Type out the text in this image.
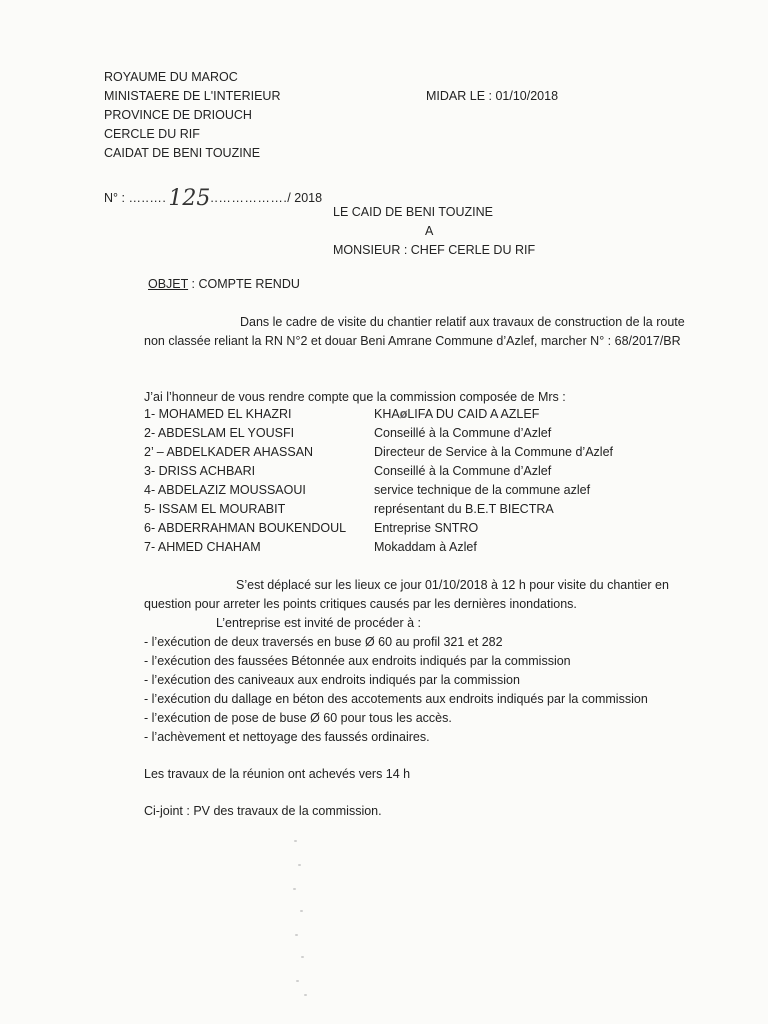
ROYAUME DU MAROC
MINISTAERE DE L'INTERIEUR
PROVINCE DE DRIOUCH
CERCLE DU RIF
CAIDAT DE BENI TOUZINE
MIDAR LE : 01/10/2018
N° : …..….125..……………./ 2018
LE CAID DE BENI TOUZINE
A
MONSIEUR : CHEF CERLE DU RIF
OBJET : COMPTE RENDU
Dans le cadre de visite du chantier relatif aux travaux de construction de la route non classée reliant la RN N°2 et douar Beni Amrane Commune d’Azlef, marcher N° : 68/2017/BR
J’ai l’honneur de vous rendre compte que la commission composée de Mrs :
1- MOHAMED EL KHAZRI	KHAøLIFA DU CAID A AZLEF
2- ABDESLAM EL YOUSFI	Conseillé à la Commune d’Azlef
2’ – ABDELKADER AHASSAN	Directeur de Service à la Commune d’Azlef
3- DRISS ACHBARI	Conseillé à la Commune d’Azlef
4- ABDELAZIZ MOUSSAOUI	service technique de la commune azlef
5- ISSAM EL MOURABIT	représentant du B.E.T BIECTRA
6- ABDERRAHMAN BOUKENDOUL Entreprise SNTRO
7- AHMED CHAHAM	Mokaddam à Azlef
S’est déplacé sur les lieux ce jour 01/10/2018 à 12 h pour visite du chantier en question pour arreter les points critiques causés par les dernières inondations.
L’entreprise est invité de procéder à :
- l’exécution de deux traversés en buse Ø 60 au profil 321 et 282
- l’exécution des faussées Bétonnée aux endroits indiqués par la commission
- l’exécution des caniveaux aux endroits indiqués par la commission
- l’exécution du dallage en béton des accotements aux endroits indiqués par la commission
- l’exécution de pose de buse Ø 60 pour tous les accès.
- l’achèvement et nettoyage des faussés ordinaires.
Les travaux de la réunion ont achevés vers 14 h
Ci-joint : PV des travaux de la commission.
